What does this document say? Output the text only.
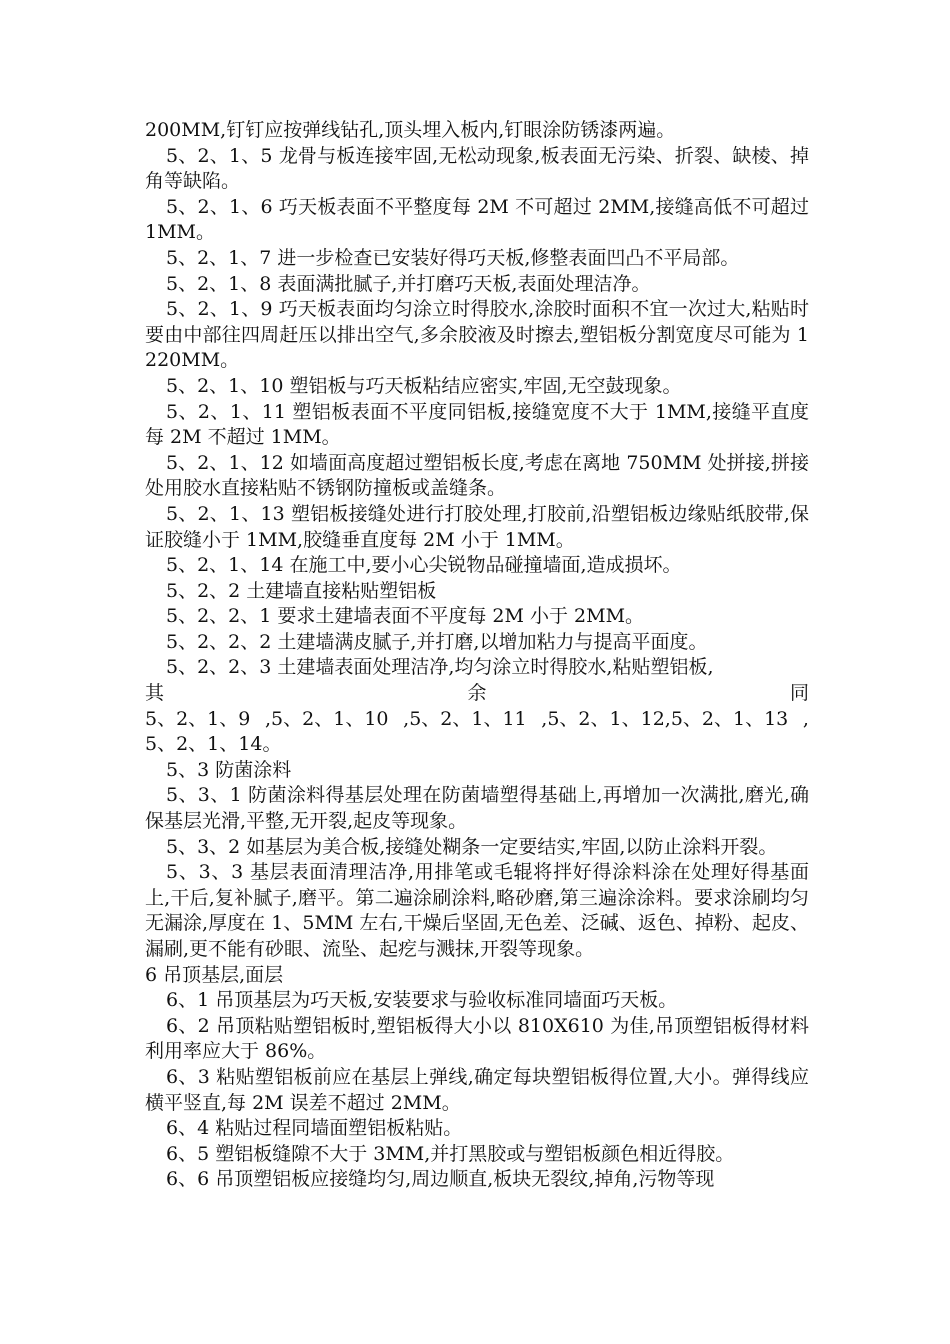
200MM,钉钉应按弹线钻孔,顶头埋入板内,钉眼涂防锈漆两遍。

5、2、1、5 龙骨与板连接牢固,无松动现象,板表面无污染、折裂、缺棱、掉角等缺陷。

5、2、1、6 巧天板表面不平整度每 2M 不可超过 2MM,接缝高低不可超过 1MM。

5、2、1、7 进一步检查已安装好得巧天板,修整表面凹凸不平局部。

5、2、1、8 表面满批腻子,并打磨巧天板,表面处理洁净。

5、2、1、9 巧天板表面均匀涂立时得胶水,涂胶时面积不宜一次过大,粘贴时要由中部往四周赶压以排出空气,多余胶液及时擦去,塑铝板分割宽度尽可能为 1220MM。

5、2、1、10 塑铝板与巧天板粘结应密实,牢固,无空鼓现象。

5、2、1、11 塑铝板表面不平度同铝板,接缝宽度不大于 1MM,接缝平直度每 2M 不超过 1MM。

5、2、1、12 如墙面高度超过塑铝板长度,考虑在离地 750MM 处拼接,拼接处用胶水直接粘贴不锈钢防撞板或盖缝条。

5、2、1、13 塑铝板接缝处进行打胶处理,打胶前,沿塑铝板边缘贴纸胶带,保证胶缝小于 1MM,胶缝垂直度每 2M 小于 1MM。

5、2、1、14 在施工中,要小心尖锐物品碰撞墙面,造成损坏。

5、2、2 土建墙直接粘贴塑铝板

5、2、2、1 要求土建墙表面不平度每 2M 小于 2MM。

5、2、2、2 土建墙满皮腻子,并打磨,以增加粘力与提高平面度。

5、2、2、3 土建墙表面处理洁净,均匀涂立时得胶水,粘贴塑铝板,

其	余	同
5、2、1、9 ,5、2、1、10 ,5、2、1、11 ,5、2、1、12,5、2、1、13 ,

5、2、1、14。

5、3 防菌涂料

5、3、1 防菌涂料得基层处理在防菌墙塑得基础上,再增加一次满批,磨光,确保基层光滑,平整,无开裂,起皮等现象。

5、3、2 如基层为美合板,接缝处糊条一定要结实,牢固,以防止涂料开裂。

5、3、3 基层表面清理洁净,用排笔或毛辊将拌好得涂料涂在处理好得基面上,干后,复补腻子,磨平。第二遍涂刷涂料,略砂磨,第三遍涂涂料。要求涂刷均匀无漏涂,厚度在 1、5MM 左右,干燥后坚固,无色差、泛碱、返色、掉粉、起皮、漏刷,更不能有砂眼、流坠、起疙与溅抹,开裂等现象。

6 吊顶基层,面层

6、1 吊顶基层为巧天板,安装要求与验收标准同墙面巧天板。

6、2 吊顶粘贴塑铝板时,塑铝板得大小以 810X610 为佳,吊顶塑铝板得材料利用率应大于 86%。

6、3 粘贴塑铝板前应在基层上弹线,确定每块塑铝板得位置,大小。弹得线应横平竖直,每 2M 误差不超过 2MM。

6、4 粘贴过程同墙面塑铝板粘贴。

6、5 塑铝板缝隙不大于 3MM,并打黑胶或与塑铝板颜色相近得胶。

6、6 吊顶塑铝板应接缝均匀,周边顺直,板块无裂纹,掉角,污物等现
